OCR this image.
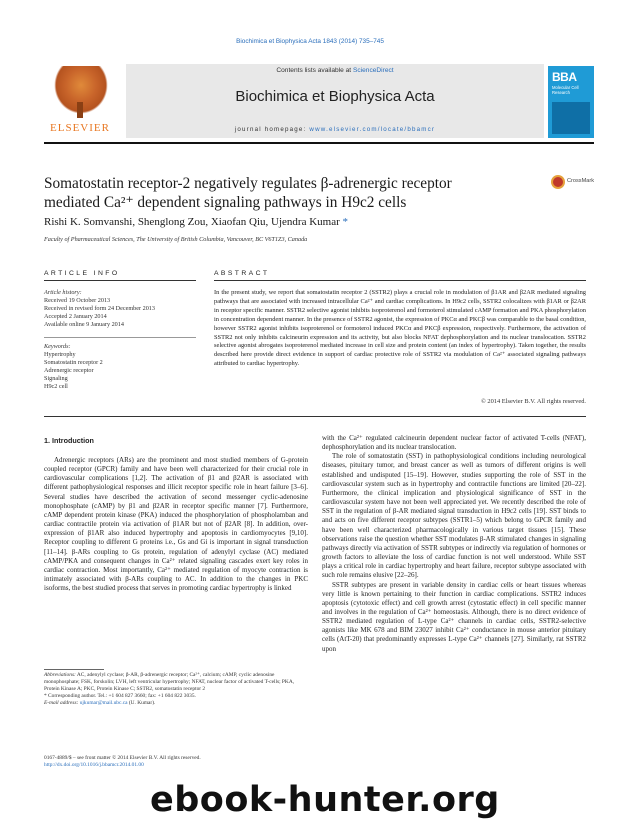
Biochimica et Biophysica Acta 1843 (2014) 735–745
ELSEVIER
Contents lists available at ScienceDirect
Biochimica et Biophysica Acta
journal homepage: www.elsevier.com/locate/bbamcr
BBA
Molecular Cell Research
Somatostatin receptor-2 negatively regulates β-adrenergic receptor
mediated Ca²⁺ dependent signaling pathways in H9c2 cells
CrossMark
Rishi K. Somvanshi, Shenglong Zou, Xiaofan Qiu, Ujendra Kumar *
Faculty of Pharmaceutical Sciences, The University of British Columbia, Vancouver, BC V6T1Z3, Canada
ARTICLE INFO	ABSTRACT
Article history:
Received 19 October 2013
Received in revised form 24 December 2013
Accepted 2 January 2014
Available online 9 January 2014
Keywords:
Hypertrophy
Somatostatin receptor 2
Adrenergic receptor
Signaling
H9c2 cell
In the present study, we report that somatostatin receptor 2 (SSTR2) plays a crucial role in modulation of β1AR and β2AR mediated signaling pathways that are associated with increased intracellular Ca²⁺ and cardiac complications. In H9c2 cells, SSTR2 colocalizes with β1AR or β2AR in receptor specific manner. SSTR2 selective agonist inhibits isoproterenol and formoterol stimulated cAMP formation and PKA phosphorylation in concentration dependent manner. In the presence of SSTR2 agonist, the expression of PKCα and PKCβ was comparable to the basal condition, however SSTR2 agonist inhibits isoproterenol or formoterol induced PKCα and PKCβ expression, respectively. Furthermore, the activation of SSTR2 not only inhibits calcineurin expression and its activity, but also blocks NFAT dephosphorylation and its nuclear translocation. SSTR2 selective agonist abrogates isoproterenol mediated increase in cell size and protein content (an index of hypertrophy). Taken together, the results described here provide direct evidence in support of cardiac protective role of SSTR2 via modulation of Ca²⁺ associated signaling pathways attributed to cardiac hypertrophy.
© 2014 Elsevier B.V. All rights reserved.
1. Introduction

Adrenergic receptors (ARs) are the prominent and most studied members of G-protein coupled receptor (GPCR) family and have been well characterized for their crucial role in cardiovascular complications [1,2]. The activation of β1 and β2AR is associated with different pathophysiological responses and illicit receptor specific role in heart failure [3–6]. Several studies have described the activation of second messenger cyclic-adenosine monophosphate (cAMP) by β1 and β2AR in receptor specific manner [7]. Furthermore, cAMP dependent protein kinase (PKA) induced the phosphorylation of phospholamban and cardiac contractile protein via activation of β1AR but not of β2AR [8]. In addition, over-expression of β1AR also induced hypertrophy and apoptosis in cardiomyocytes [9,10]. Receptor coupling to different G proteins i.e., Gs and Gi is important in signal transduction [11–14]. β-ARs coupling to Gs protein, regulation of adenylyl cyclase (AC) mediated cAMP/PKA and consequent changes in Ca²⁺ related signaling cascades exert key roles in cardiac contraction. Most importantly, Ca²⁺ mediated regulation of myocyte contraction is intimately associated with β-ARs coupling to AC. In addition to the changes in PKC isoforms, the best studied process that serves in promoting cardiac hypertrophy is linked

with the Ca²⁺ regulated calcineurin dependent nuclear factor of activated T-cells (NFAT), dephosphorylation and its nuclear translocation.

The role of somatostatin (SST) in pathophysiological conditions including neurological diseases, pituitary tumor, and breast cancer as well as tumors of different origins is well established and undisputed [15–19]. However, studies supporting the role of SST in the cardiovascular system such as in hypertrophy and contractile functions are limited [20–22]. Furthermore, the clinical implication and physiological significance of SST in the cardiovascular system have not been well appreciated yet. We recently described the role of SST in the regulation of β-AR mediated signal transduction in H9c2 cells [19]. SST binds to and acts on five different receptor subtypes (SSTR1–5) which belong to GPCR family and have been well characterized pharmacologically in various target tissues [15]. These observations raise the question whether SST modulates β-AR stimulated changes in signaling pathways directly via activation of SSTR subtypes or indirectly via regulation of hormones or growth factors to alleviate the loss of cardiac function is not well understood. While SST plays a critical role in cardiac hypertrophy and heart failure, receptor subtype associated with such role remains elusive [22–26].

SSTR subtypes are present in variable density in cardiac cells or heart tissues whereas very little is known pertaining to their function in cardiac complications. SSTR2 induces apoptosis (cytotoxic effect) and cell growth arrest (cytostatic effect) in cell specific manner and involves in the regulation of Ca²⁺ homeostasis. Although, there is no direct evidence of SSTR2 mediated regulation of L-type Ca²⁺ channels in cardiac cells, SSTR2-selective agonists like MK 678 and BIM 23027 inhibit Ca²⁺ conductance in mouse anterior pituitary cells (AtT-20) that predominantly expresses L-type Ca²⁺ channels [27]. Similarly, rat SSTR2 upon

Abbreviations: AC, adenylyl cyclase; β-AR, β-adrenergic receptor; Ca²⁺, calcium; cAMP, cyclic adenosine monophosphate; FSK, forskolin; LVH, left ventricular hypertrophy; NFAT, nuclear factor of activated T-cells; PKA, Protein Kinase A; PKC, Protein Kinase C; SSTR2, somatostatin receptor 2
* Corresponding author. Tel.: +1 604 827 3660; fax: +1 604 822 3035.
E-mail address: ujkumar@mail.ubc.ca (U. Kumar).
0167-4889/$ – see front matter © 2014 Elsevier B.V. All rights reserved.
http://dx.doi.org/10.1016/j.bbamcr.2014.01.00
ebook-hunter.org
